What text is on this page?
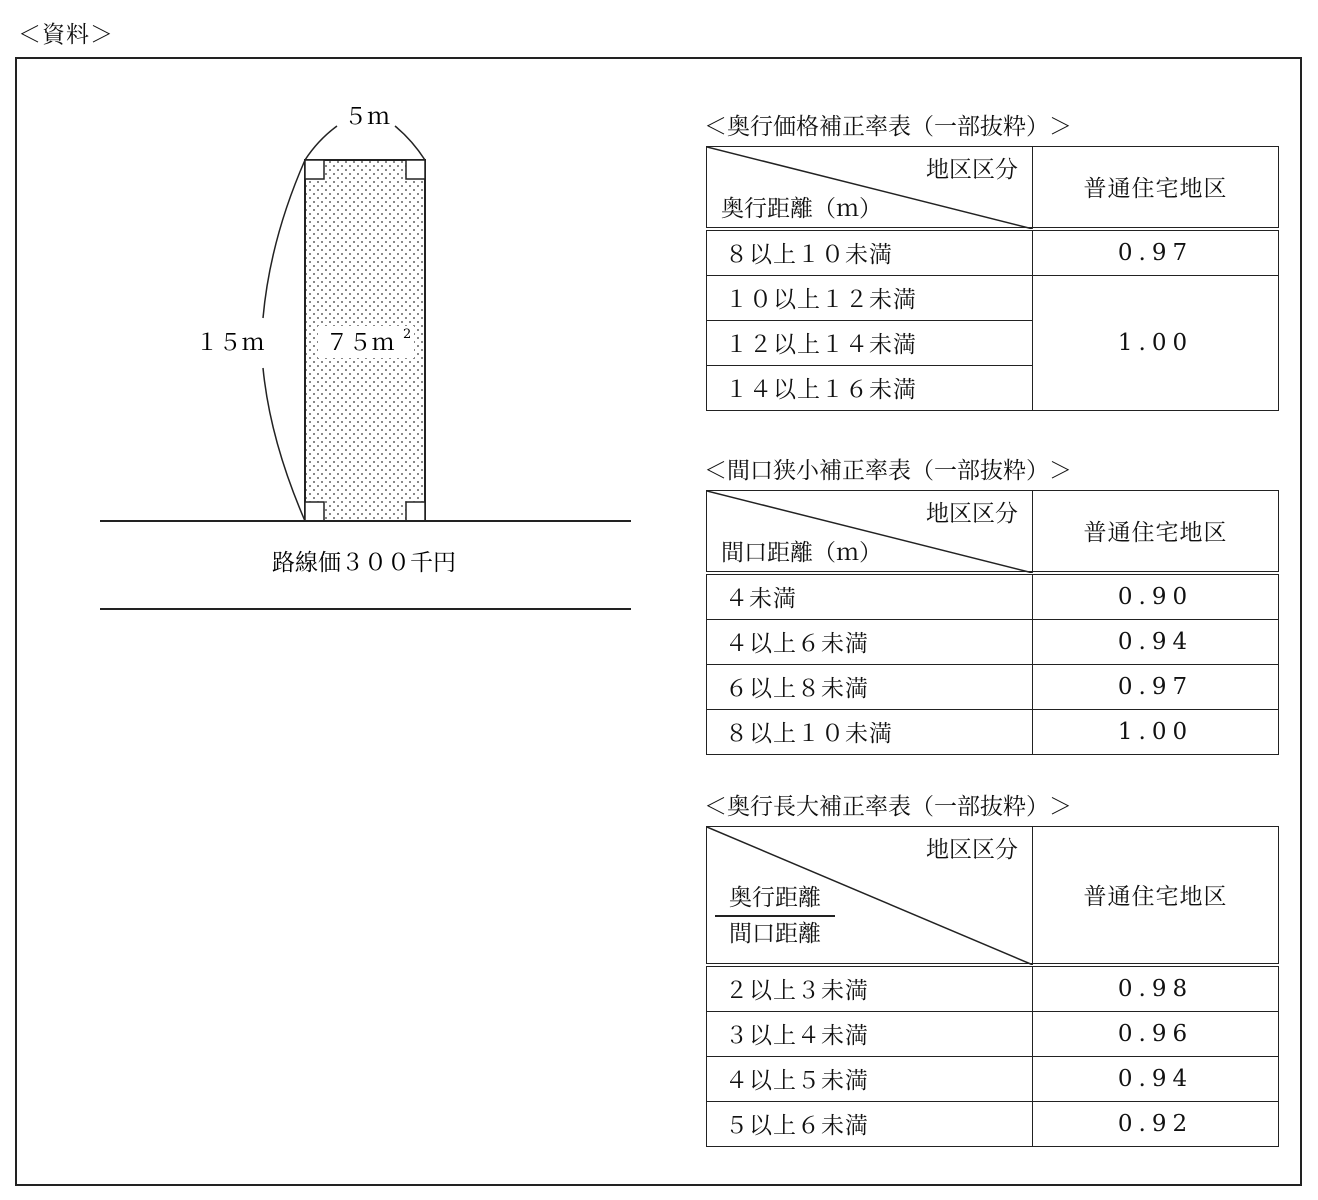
＜資料＞
５ｍ
１５ｍ	７５ｍ 2
路線価３００千円
＜奥行価格補正率表（一部抜粋）＞
地区区分
奥行距離（ｍ）	普通住宅地区
８以上１０未満	0.97
１０以上１２未満	1.00
１２以上１４未満	
１４以上１６未満	
＜間口狭小補正率表（一部抜粋）＞
地区区分
間口距離（ｍ）	普通住宅地区
４未満	0.90
４以上６未満	0.94
６以上８未満	0.97
８以上１０未満	1.00
＜奥行長大補正率表（一部抜粋）＞
地区区分
奥行距離
間口距離	普通住宅地区
２以上３未満	0.98
３以上４未満	0.96
４以上５未満	0.94
５以上６未満	0.92
